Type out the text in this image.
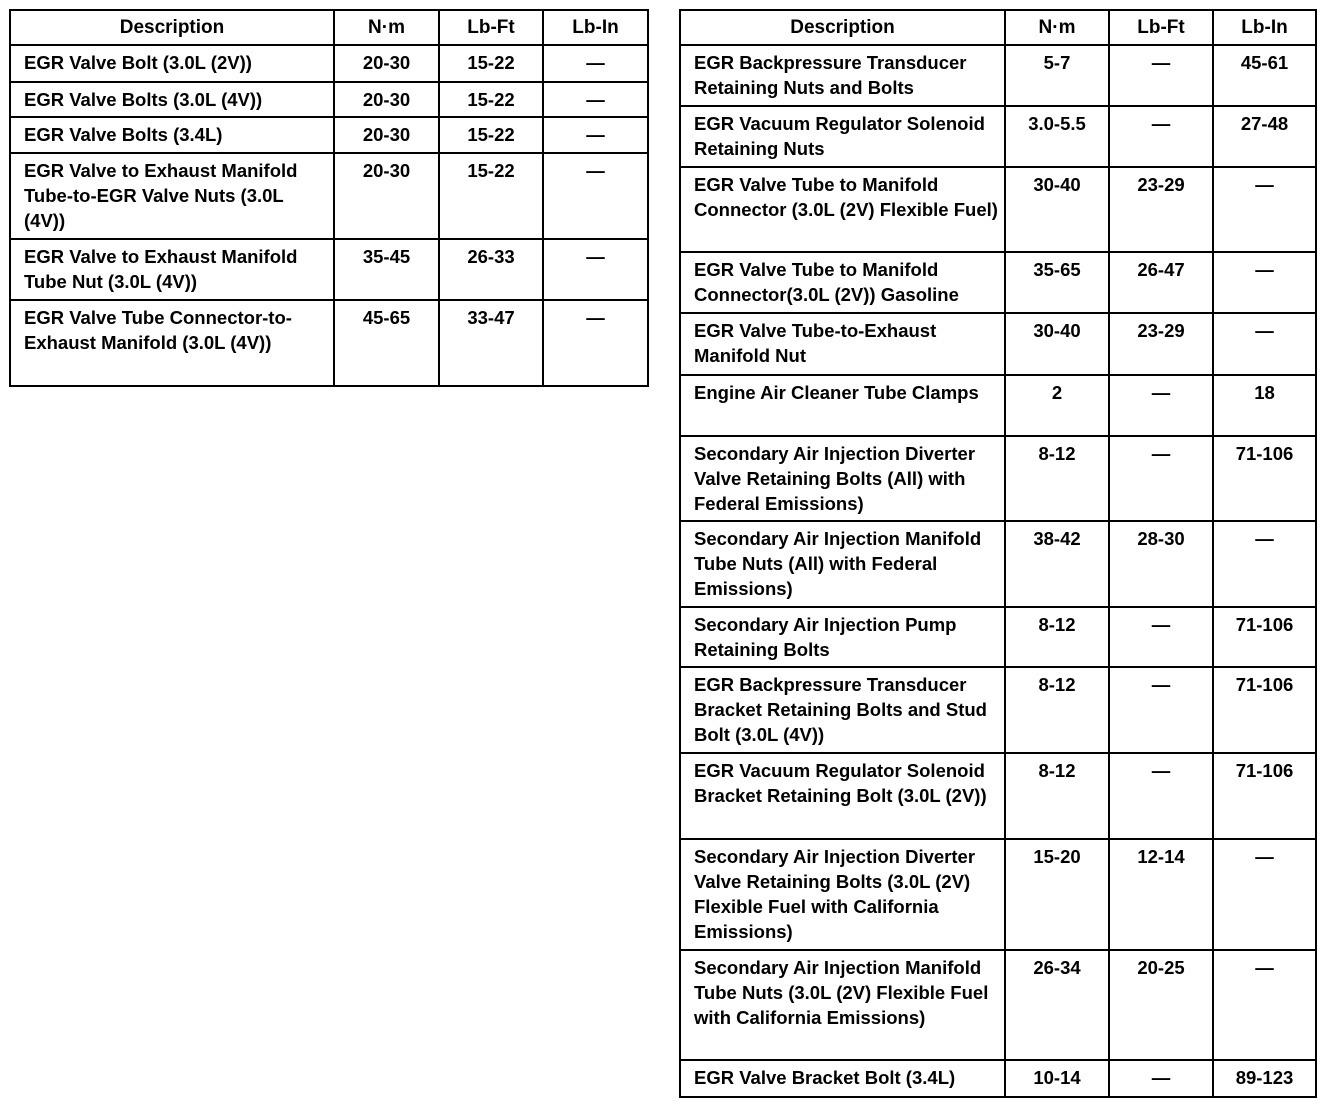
Description	N·m	Lb-Ft	Lb-In
EGR Valve Bolt (3.0L (2V))	20-30	15-22	—
EGR Valve Bolts (3.0L (4V))	20-30	15-22	—
EGR Valve Bolts (3.4L)	20-30	15-22	—
EGR Valve to Exhaust Manifold Tube-to-EGR Valve Nuts (3.0L (4V))	20-30	15-22	—
EGR Valve to Exhaust Manifold Tube Nut (3.0L (4V))	35-45	26-33	—
EGR Valve Tube Connector-to-Exhaust Manifold (3.0L (4V))	45-65	33-47	—
Description	N·m	Lb-Ft	Lb-In
EGR Backpressure Transducer Retaining Nuts and Bolts	5-7	—	45-61
EGR Vacuum Regulator Solenoid Retaining Nuts	3.0-5.5	—	27-48
EGR Valve Tube to Manifold Connector (3.0L (2V) Flexible Fuel)	30-40	23-29	—
EGR Valve Tube to Manifold Connector(3.0L (2V)) Gasoline	35-65	26-47	—
EGR Valve Tube-to-Exhaust Manifold Nut	30-40	23-29	—
Engine Air Cleaner Tube Clamps	2	—	18
Secondary Air Injection Diverter Valve Retaining Bolts (All) with Federal Emissions)	8-12	—	71-106
Secondary Air Injection Manifold Tube Nuts (All) with Federal Emissions)	38-42	28-30	—
Secondary Air Injection Pump Retaining Bolts	8-12	—	71-106
EGR Backpressure Transducer Bracket Retaining Bolts and Stud Bolt (3.0L (4V))	8-12	—	71-106
EGR Vacuum Regulator Solenoid Bracket Retaining Bolt (3.0L (2V))	8-12	—	71-106
Secondary Air Injection Diverter Valve Retaining Bolts (3.0L (2V) Flexible Fuel with California Emissions)	15-20	12-14	—
Secondary Air Injection Manifold Tube Nuts (3.0L (2V) Flexible Fuel with California Emissions)	26-34	20-25	—
EGR Valve Bracket Bolt (3.4L)	10-14	—	89-123
